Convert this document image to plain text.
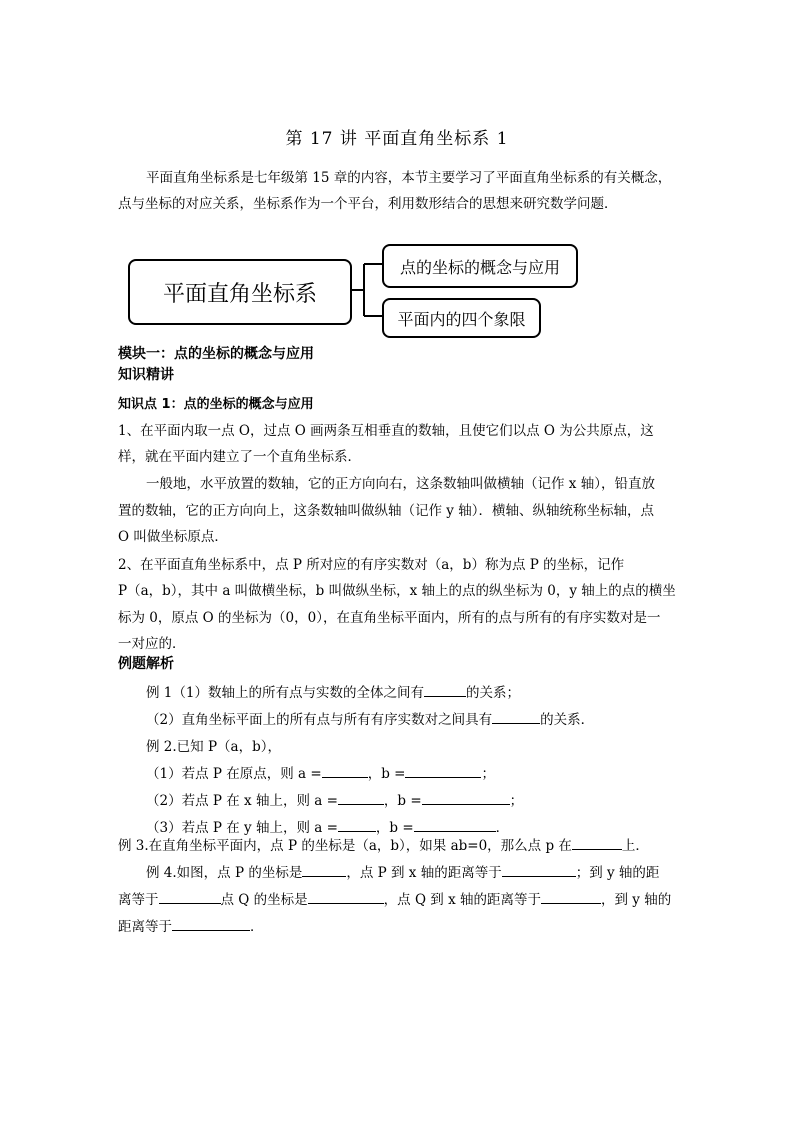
第 17 讲 平面直角坐标系 1

平面直角坐标系是七年级第 15 章的内容，本节主要学习了平面直角坐标系的有关概念，

点与坐标的对应关系，坐标系作为一个平台，利用数形结合的思想来研究数学问题．

平面直角坐标系
点的坐标的概念与应用
平面内的四个象限
模块一：点的坐标的概念与应用
知识精讲
知识点 1：点的坐标的概念与应用
1、在平面内取一点 O，过点 O 画两条互相垂直的数轴，且使它们以点 O 为公共原点，这
样，就在平面内建立了一个直角坐标系．
一般地，水平放置的数轴，它的正方向向右，这条数轴叫做横轴（记作 x 轴），铅直放
置的数轴，它的正方向向上，这条数轴叫做纵轴（记作 y 轴）．横轴、纵轴统称坐标轴，点
O 叫做坐标原点．
2、在平面直角坐标系中，点 P 所对应的有序实数对（a，b）称为点 P 的坐标，记作
P（a，b），其中 a 叫做横坐标，b 叫做纵坐标，x 轴上的点的纵坐标为 0，y 轴上的点的横坐
标为 0，原点 O 的坐标为（0，0），在直角坐标平面内，所有的点与所有的有序实数对是一
一对应的．
例题解析
例 1（1）数轴上的所有点与实数的全体之间有	的关系；
（2）直角坐标平面上的所有点与所有有序实数对之间具有	的关系．
例 2.已知 P（a，b），
（1）若点 P 在原点，则 a =	，b =	；
（2）若点 P 在 x 轴上，则 a =	，b =	；
（3）若点 P 在 y 轴上，则 a =	，b =	．
例 3.在直角坐标平面内，点 P 的坐标是（a，b），如果 ab=0，那么点 p 在	上．
例 4.如图，点 P 的坐标是	，点 P 到 x 轴的距离等于	；到 y 轴的距
离等于	点 Q 的坐标是	，点 Q 到 x 轴的距离等于	，到 y 轴的
距离等于	．
